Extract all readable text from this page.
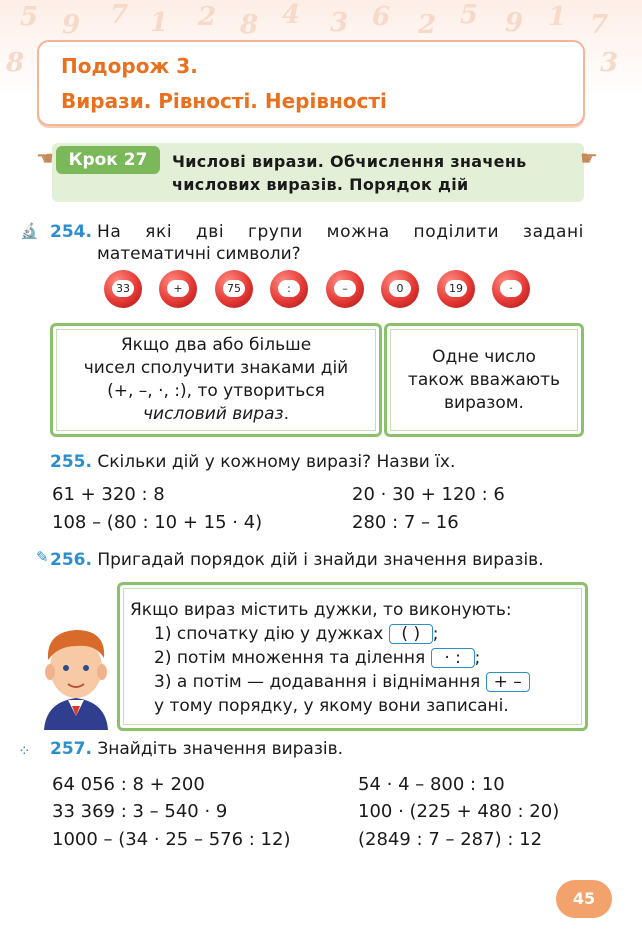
5 9 7 1 2 8 4 3 6 2 5 9 1 7
3
8 Подорож 3.
Вирази. Рівності. Нерівності
☚	☛
Крок 27	Числові вирази. Обчислення значень
числових виразів. Порядок дій
🔬 254. На які дві групи можна поділити задані
математичні символи?
33	+	75	:	–	0	19	·
Якщо два або більше
чисел сполучити знаками дій
(+, –, ·, :), то утвориться
числовий вираз.
Одне число
також вважають
виразом.
255. Скільки дій у кожному виразі? Назви їх.
61 + 320 : 8	20 · 30 + 120 : 6
108 – (80 : 10 + 15 · 4)	280 : 7 – 16
✎ 256. Пригадай порядок дій і знайди значення виразів.
Якщо вираз містить дужки, то виконують:
1) спочатку дію у дужках ( ) ;
2) потім множення та ділення · : ;
3) а потім — додавання і віднімання + –
у тому порядку, у якому вони записані.
⁘ 257. Знайдіть значення виразів.
64 056 : 8 + 200	54 · 4 – 800 : 10
33 369 : 3 – 540 · 9	100 · (225 + 480 : 20)
1000 – (34 · 25 – 576 : 12)	(2849 : 7 – 287) : 12
45
